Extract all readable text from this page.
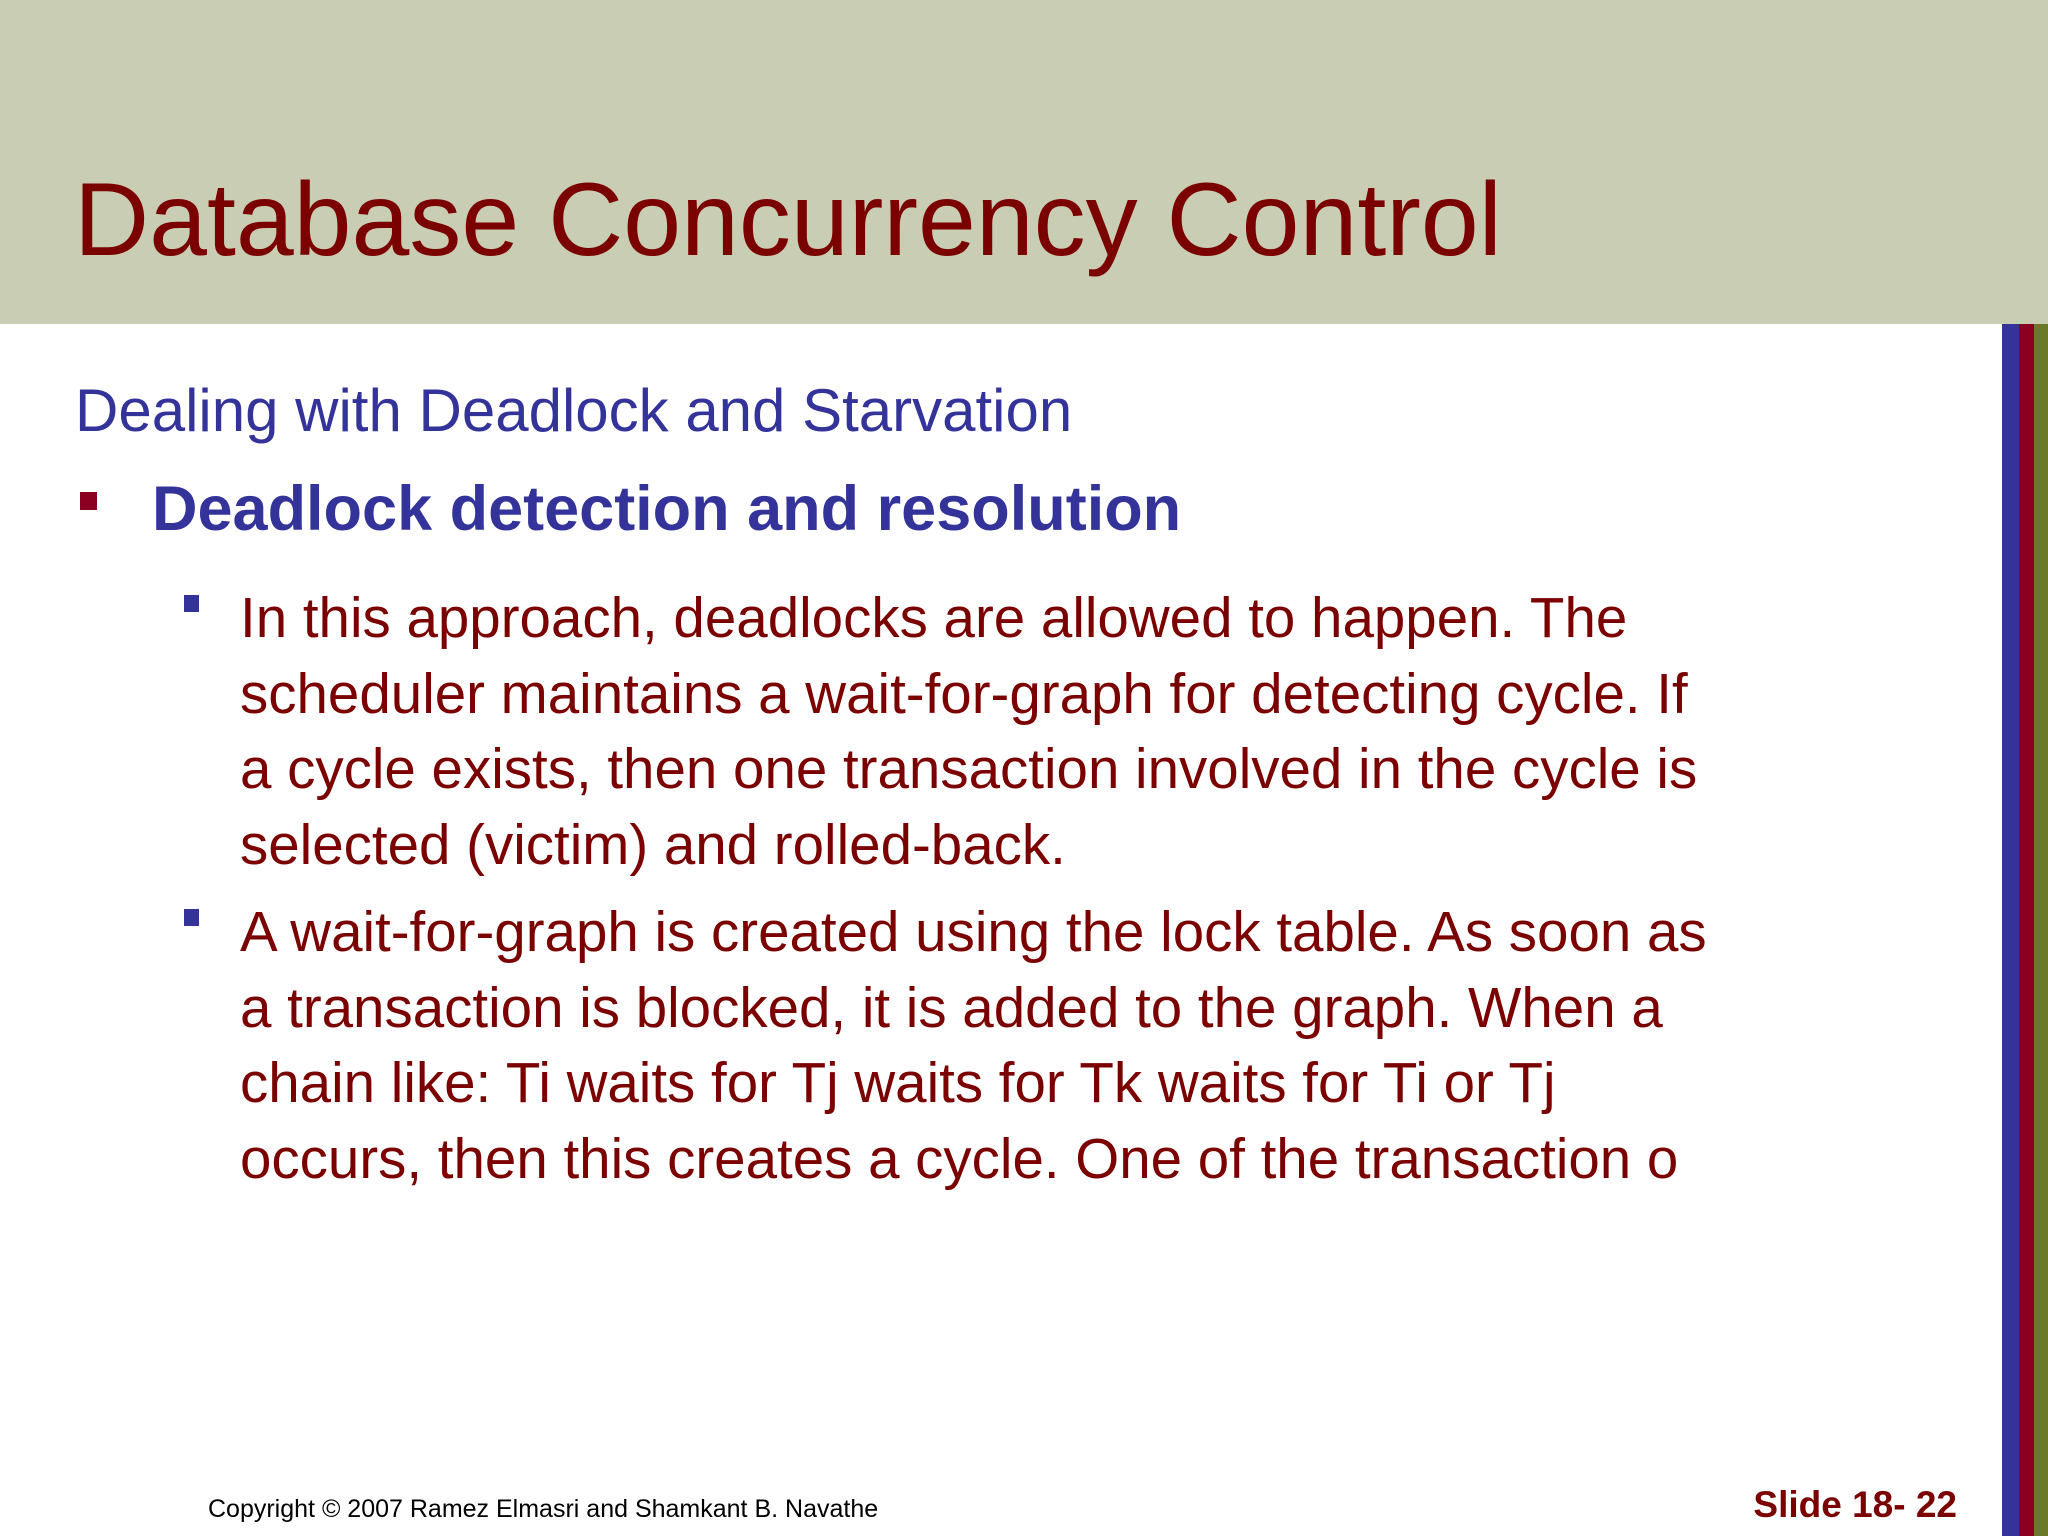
Database Concurrency Control
Dealing with Deadlock and Starvation
Deadlock detection and resolution
In this approach, deadlocks are allowed to happen. The
scheduler maintains a wait-for-graph for detecting cycle. If
a cycle exists, then one transaction involved in the cycle is
selected (victim) and rolled-back.
A wait-for-graph is created using the lock table. As soon as
a transaction is blocked, it is added to the graph. When a
chain like: Ti waits for Tj waits for Tk waits for Ti or Tj
occurs, then this creates a cycle. One of the transaction o
Copyright © 2007 Ramez Elmasri and Shamkant B. Navathe	Slide 18- 22
